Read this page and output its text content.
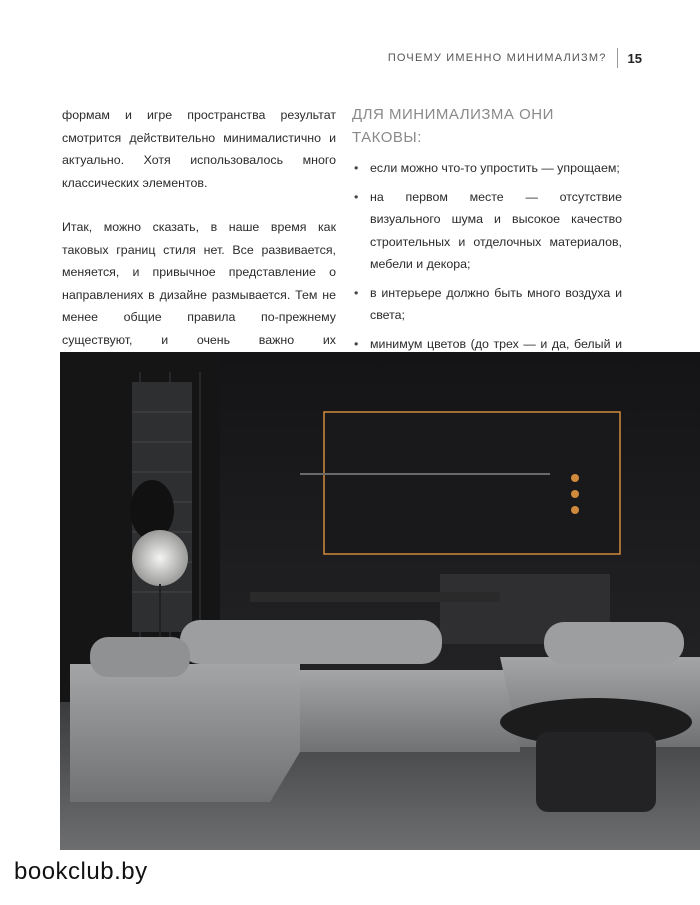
ПОЧЕМУ ИМЕННО МИНИМАЛИЗМ? 15

формам и игре пространства результат смотрится действительно минималистично и актуально. Хотя использовалось много классических элементов.

Итак, можно сказать, в наше время как таковых границ стиля нет. Все развивается, меняется, и привычное представление о направлениях в дизайне размывается. Тем не менее общие правила по-прежнему существуют, и очень важно их

ДЛЯ МИНИМАЛИЗМА ОНИ ТАКОВЫ:
• если можно что-то упростить — упрощаем;
• на первом месте — отсутствие визуального шума и высокое качество строительных и отделочных материалов, мебели и декора;
• в интерьере должно быть много воздуха и света;
• минимум цветов (до трех — и да, белый и
bookclub.by
